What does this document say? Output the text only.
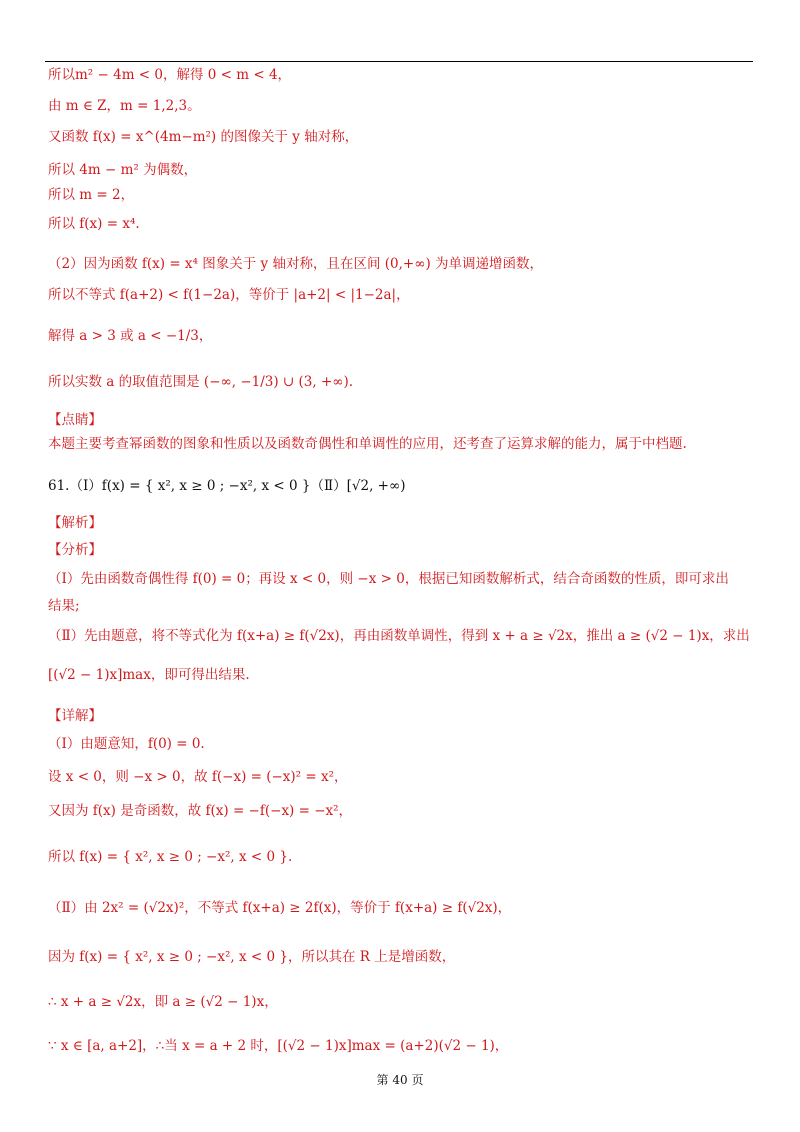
所以m² − 4m < 0，解得 0 < m < 4，
由 m ∈ Z，m = 1,2,3。
又函数 f(x) = x^(4m−m²) 的图像关于 y 轴对称，
所以 4m − m² 为偶数，
所以 m = 2，
所以 f(x) = x⁴.
（2）因为函数 f(x) = x⁴ 图象关于 y 轴对称，且在区间 (0,+∞) 为单调递增函数，
所以不等式 f(a+2) < f(1−2a)，等价于 |a+2| < |1−2a|，
解得 a > 3 或 a < −1/3，
所以实数 a 的取值范围是 (−∞, −1/3) ∪ (3, +∞).
【点睛】
本题主要考查幂函数的图象和性质以及函数奇偶性和单调性的应用，还考查了运算求解的能力，属于中档题.
61.（Ⅰ）f(x) = { x², x ≥ 0 ; −x², x < 0 }（Ⅱ）[√2, +∞)
【解析】
【分析】
（Ⅰ）先由函数奇偶性得 f(0) = 0；再设 x < 0，则 −x > 0，根据已知函数解析式，结合奇函数的性质，即可求出
结果;
（Ⅱ）先由题意，将不等式化为 f(x+a) ≥ f(√2x)，再由函数单调性，得到 x + a ≥ √2x，推出 a ≥ (√2 − 1)x，求出
[(√2 − 1)x]max，即可得出结果.
【详解】
（Ⅰ）由题意知，f(0) = 0.
设 x < 0，则 −x > 0，故 f(−x) = (−x)² = x²，
又因为 f(x) 是奇函数，故 f(x) = −f(−x) = −x²，
所以 f(x) = { x², x ≥ 0 ; −x², x < 0 }.
（Ⅱ）由 2x² = (√2x)²，不等式 f(x+a) ≥ 2f(x)，等价于 f(x+a) ≥ f(√2x)，
因为 f(x) = { x², x ≥ 0 ; −x², x < 0 }，所以其在 R 上是增函数，
∴ x + a ≥ √2x，即 a ≥ (√2 − 1)x，
∵ x ∈ [a, a+2]，∴当 x = a + 2 时，[(√2 − 1)x]max = (a+2)(√2 − 1)，
第 40 页
